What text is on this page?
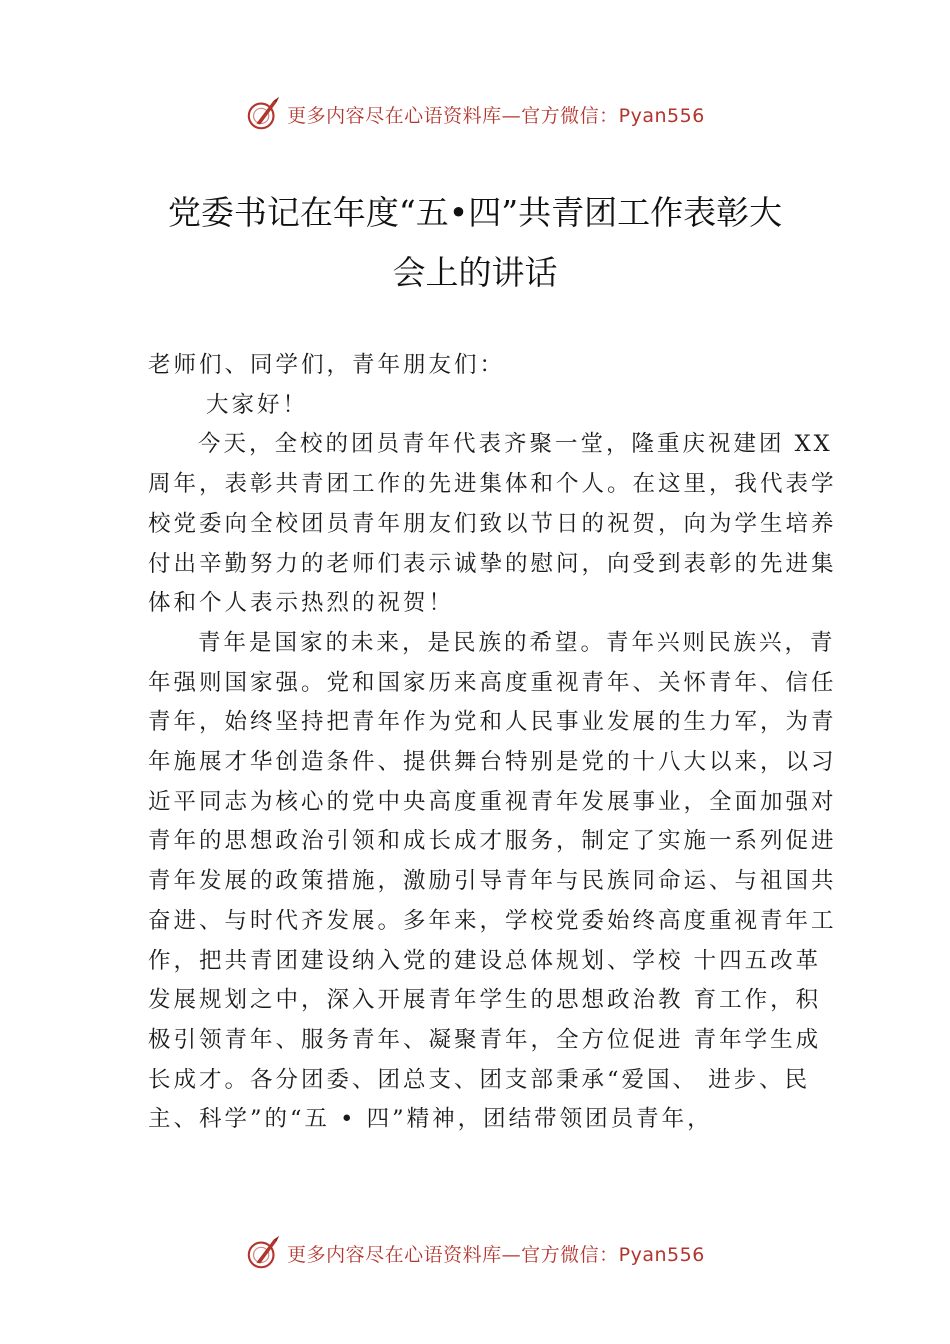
更多内容尽在心语资料库—官方微信：Pyan556
党委书记在年度“五•四”共青团工作表彰大
会上的讲话

老师们、同学们，青年朋友们：

大家好！

今天，全校的团员青年代表齐聚一堂，隆重庆祝建团 XX 周年，表彰共青团工作的先进集体和个人。在这里，我代表学校党委向全校团员青年朋友们致以节日的祝贺，向为学生培养付出辛勤努力的老师们表示诚挚的慰问，向受到表彰的先进集体和个人表示热烈的祝贺！

青年是国家的未来，是民族的希望。青年兴则民族兴，青年强则国家强。党和国家历来高度重视青年、关怀青年、信任青年，始终坚持把青年作为党和人民事业发展的生力军，为青年施展才华创造条件、提供舞台特别是党的十八大以来，以习近平同志为核心的党中央高度重视青年发展事业，全面加强对青年的思想政治引领和成长成才服务，制定了实施一系列促进青年发展的政策措施，激励引导青年与民族同命运、与祖国共奋进、与时代齐发展。多年来，学校党委始终高度重视青年工作，把共青团建设纳入党的建设总体规划、学校 十四五改革发展规划之中，深入开展青年学生的思想政治教 育工作，积极引领青年、服务青年、凝聚青年，全方位促进 青年学生成长成才。各分团委、团总支、团支部秉承“爱国、 进步、民主、科学”的“五 • 四”精神，团结带领团员青年，

更多内容尽在心语资料库—官方微信：Pyan556
